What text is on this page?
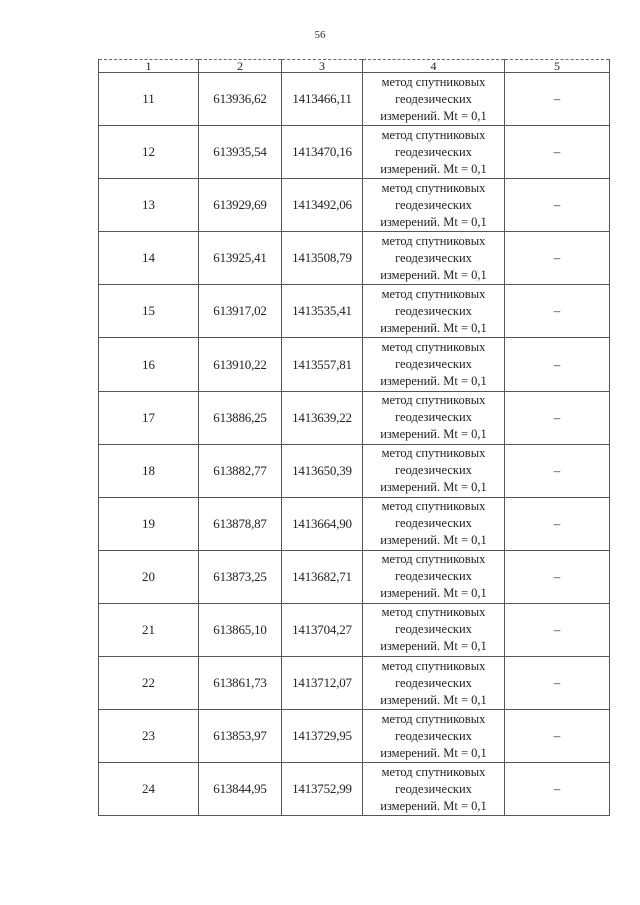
56
1	2	3	4	5
11	613936,62	1413466,11	метод спутниковых
геодезических
измерений. Mt = 0,1	–
12	613935,54	1413470,16	метод спутниковых
геодезических
измерений. Mt = 0,1	–
13	613929,69	1413492,06	метод спутниковых
геодезических
измерений. Mt = 0,1	–
14	613925,41	1413508,79	метод спутниковых
геодезических
измерений. Mt = 0,1	–
15	613917,02	1413535,41	метод спутниковых
геодезических
измерений. Mt = 0,1	–
16	613910,22	1413557,81	метод спутниковых
геодезических
измерений. Mt = 0,1	–
17	613886,25	1413639,22	метод спутниковых
геодезических
измерений. Mt = 0,1	–
18	613882,77	1413650,39	метод спутниковых
геодезических
измерений. Mt = 0,1	–
19	613878,87	1413664,90	метод спутниковых
геодезических
измерений. Mt = 0,1	–
20	613873,25	1413682,71	метод спутниковых
геодезических
измерений. Mt = 0,1	–
21	613865,10	1413704,27	метод спутниковых
геодезических
измерений. Mt = 0,1	–
22	613861,73	1413712,07	метод спутниковых
геодезических
измерений. Mt = 0,1	–
23	613853,97	1413729,95	метод спутниковых
геодезических
измерений. Mt = 0,1	–
24	613844,95	1413752,99	метод спутниковых
геодезических
измерений. Mt = 0,1	–
